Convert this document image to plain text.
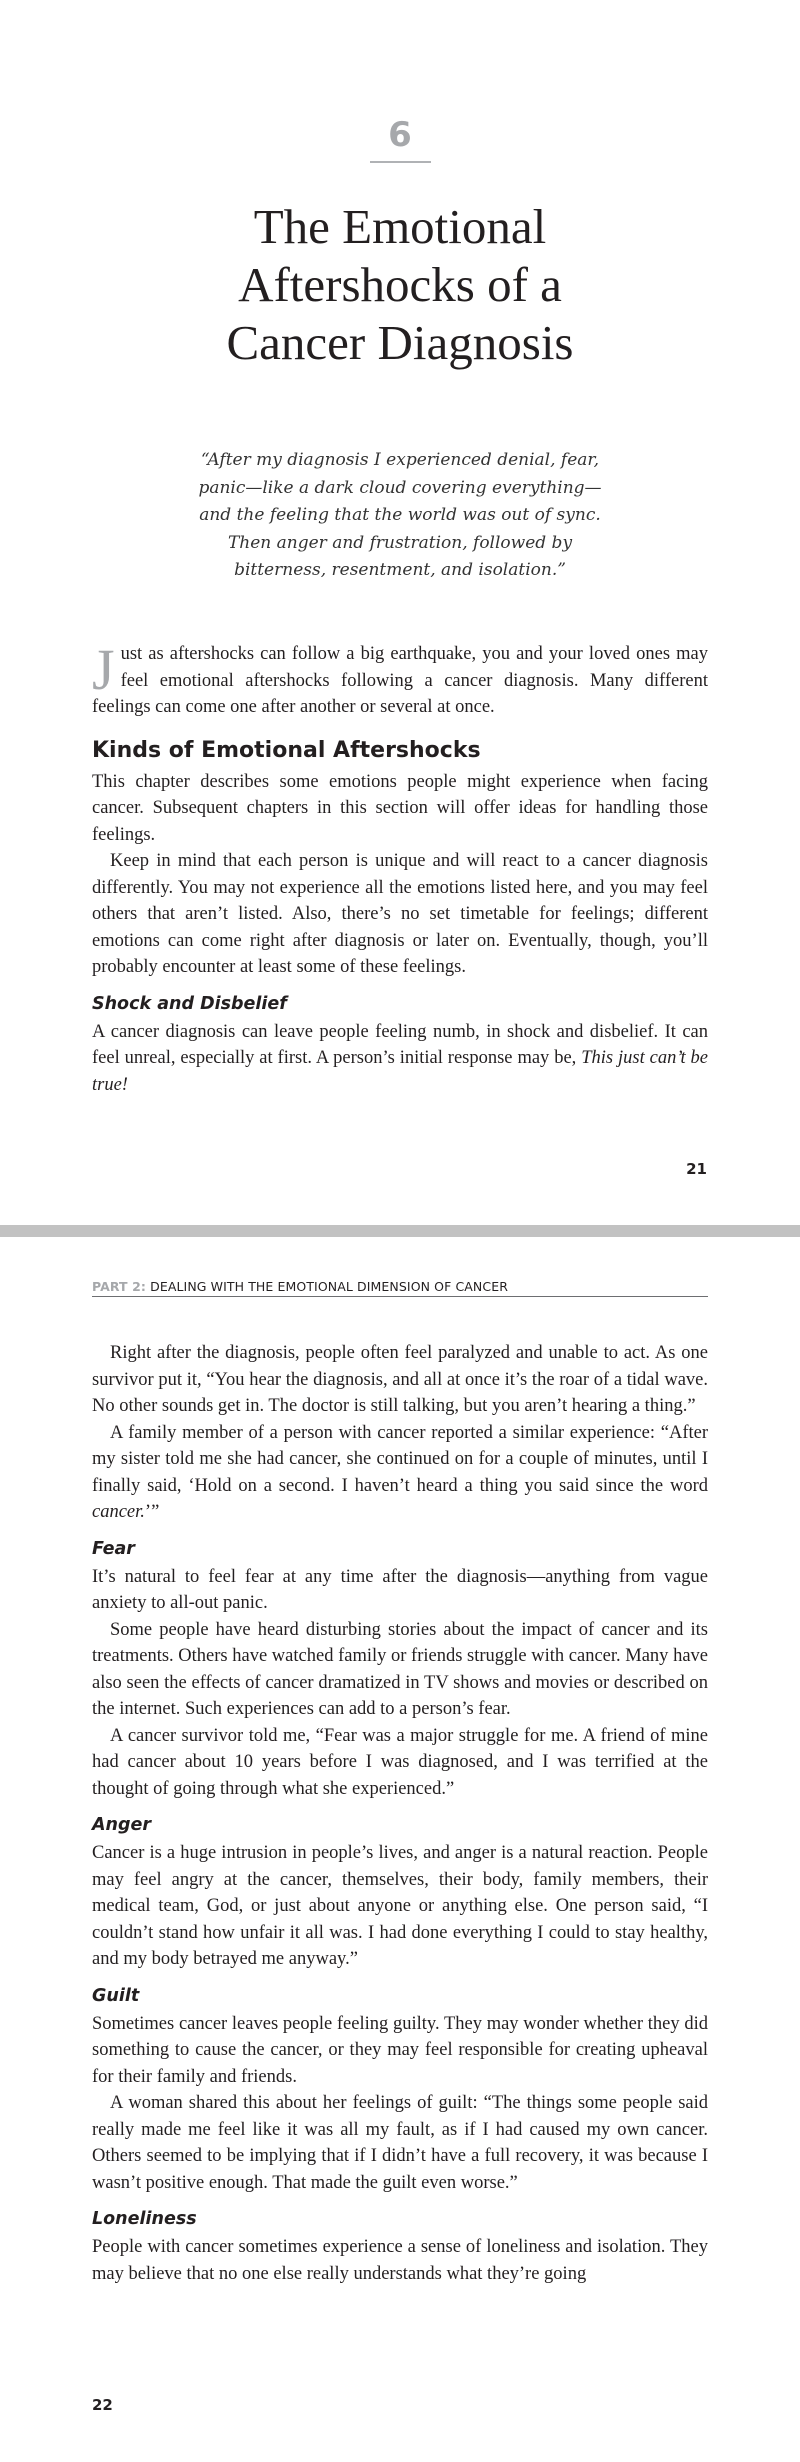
6
The Emotional
Aftershocks of a
Cancer Diagnosis
“After my diagnosis I experienced denial, fear,
panic—like a dark cloud covering everything—
and the feeling that the world was out of sync.
Then anger and frustration, followed by
bitterness, resentment, and isolation.”

Just as aftershocks can follow a big earthquake, you and your loved ones may feel emotional aftershocks following a cancer diagnosis. Many different feelings can come one after another or several at once.

Kinds of Emotional Aftershocks

This chapter describes some emotions people might experience when facing cancer. Subsequent chapters in this section will offer ideas for handling those feelings.

Keep in mind that each person is unique and will react to a cancer diagnosis differently. You may not experience all the emotions listed here, and you may feel others that aren’t listed. Also, there’s no set timetable for feelings; different emotions can come right after diagnosis or later on. Eventually, though, you’ll probably encounter at least some of these feelings.

Shock and Disbelief

A cancer diagnosis can leave people feeling numb, in shock and disbelief. It can feel unreal, especially at first. A person’s initial response may be, This just can’t be true!

21
PART 2: DEALING WITH THE EMOTIONAL DIMENSION OF CANCER

Right after the diagnosis, people often feel paralyzed and unable to act. As one survivor put it, “You hear the diagnosis, and all at once it’s the roar of a tidal wave. No other sounds get in. The doctor is still talking, but you aren’t hearing a thing.”

A family member of a person with cancer reported a similar experience: “After my sister told me she had cancer, she continued on for a couple of minutes, until I finally said, ‘Hold on a second. I haven’t heard a thing you said since the word cancer.’”

Fear

It’s natural to feel fear at any time after the diagnosis—anything from vague anxiety to all-out panic.

Some people have heard disturbing stories about the impact of cancer and its treatments. Others have watched family or friends struggle with cancer. Many have also seen the effects of cancer dramatized in TV shows and movies or described on the internet. Such experiences can add to a person’s fear.

A cancer survivor told me, “Fear was a major struggle for me. A friend of mine had cancer about 10 years before I was diagnosed, and I was terrified at the thought of going through what she experienced.”

Anger

Cancer is a huge intrusion in people’s lives, and anger is a natural reaction. People may feel angry at the cancer, themselves, their body, family members, their medical team, God, or just about anyone or anything else. One person said, “I couldn’t stand how unfair it all was. I had done everything I could to stay healthy, and my body betrayed me anyway.”

Guilt

Sometimes cancer leaves people feeling guilty. They may wonder whether they did something to cause the cancer, or they may feel responsible for creating upheaval for their family and friends.

A woman shared this about her feelings of guilt: “The things some people said really made me feel like it was all my fault, as if I had caused my own cancer. Others seemed to be implying that if I didn’t have a full recovery, it was because I wasn’t positive enough. That made the guilt even worse.”

Loneliness

People with cancer sometimes experience a sense of loneliness and isolation. They may believe that no one else really understands what they’re going

22
